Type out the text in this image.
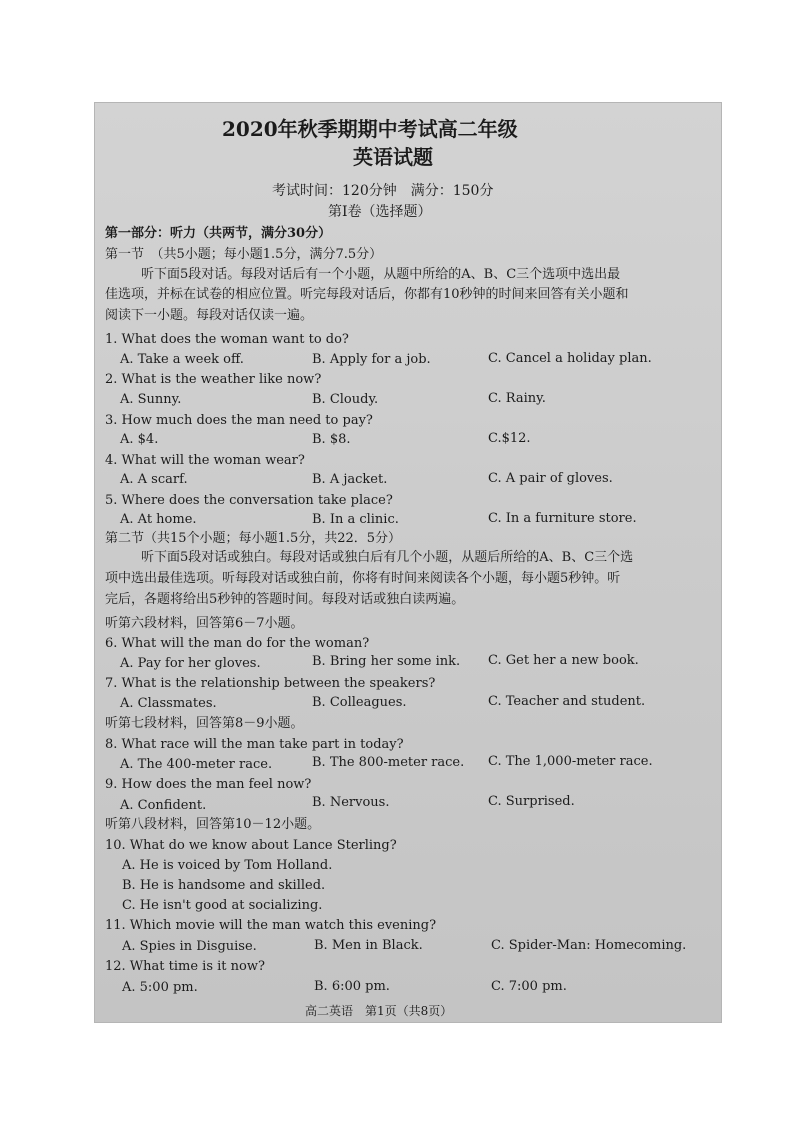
2020年秋季期期中考试高二年级
英语试题
考试时间：120分钟　满分：150分
第Ⅰ卷（选择题）
第一部分：听力（共两节，满分30分）
第一节　（共5小题；每小题1.5分，满分7.5分）
听下面5段对话。每段对话后有一个小题，从题中所给的A、B、C三个选项中选出最
佳选项，并标在试卷的相应位置。听完每段对话后，你都有10秒钟的时间来回答有关小题和
阅读下一小题。每段对话仅读一遍。
1. What does the woman want to do?
A. Take a week off.	B. Apply for a job.	C. Cancel a holiday plan.
2. What is the weather like now?
A. Sunny.	B. Cloudy.	C. Rainy.
3. How much does the man need to pay?
A. $4.	B. $8.	C.$12.
4. What will the woman wear?
A. A scarf.	B. A jacket.	C. A pair of gloves.
5. Where does the conversation take place?
A. At home.	B. In a clinic.	C. In a furniture store.
第二节（共15个小题；每小题1.5分，共22．5分）
听下面5段对话或独白。每段对话或独白后有几个小题，从题后所给的A、B、C三个选
项中选出最佳选项。听每段对话或独白前，你将有时间来阅读各个小题，每小题5秒钟。听
完后，各题将给出5秒钟的答题时间。每段对话或独白读两遍。
听第六段材料，回答第6－7小题。
6. What will the man do for the woman?
A. Pay for her gloves.	B. Bring her some ink. C. Get her a new book.
7. What is the relationship between the speakers?
A. Classmates.	B. Colleagues.	C. Teacher and student.
听第七段材料，回答第8－9小题。
8. What race will the man take part in today?
A. The 400-meter race.	B. The 800-meter race. C. The 1,000-meter race.
9. How does the man feel now?
A. Confident.	B. Nervous.	C. Surprised.
听第八段材料，回答第10－12小题。
10. What do we know about Lance Sterling?
A. He is voiced by Tom Holland.
B. He is handsome and skilled.
C. He isn't good at socializing.
11. Which movie will the man watch this evening?
A. Spies in Disguise.	B. Men in Black.	C. Spider-Man: Homecoming.
12. What time is it now?
A. 5:00 pm.	B. 6:00 pm.	C. 7:00 pm.
高二英语　第1页（共8页）
